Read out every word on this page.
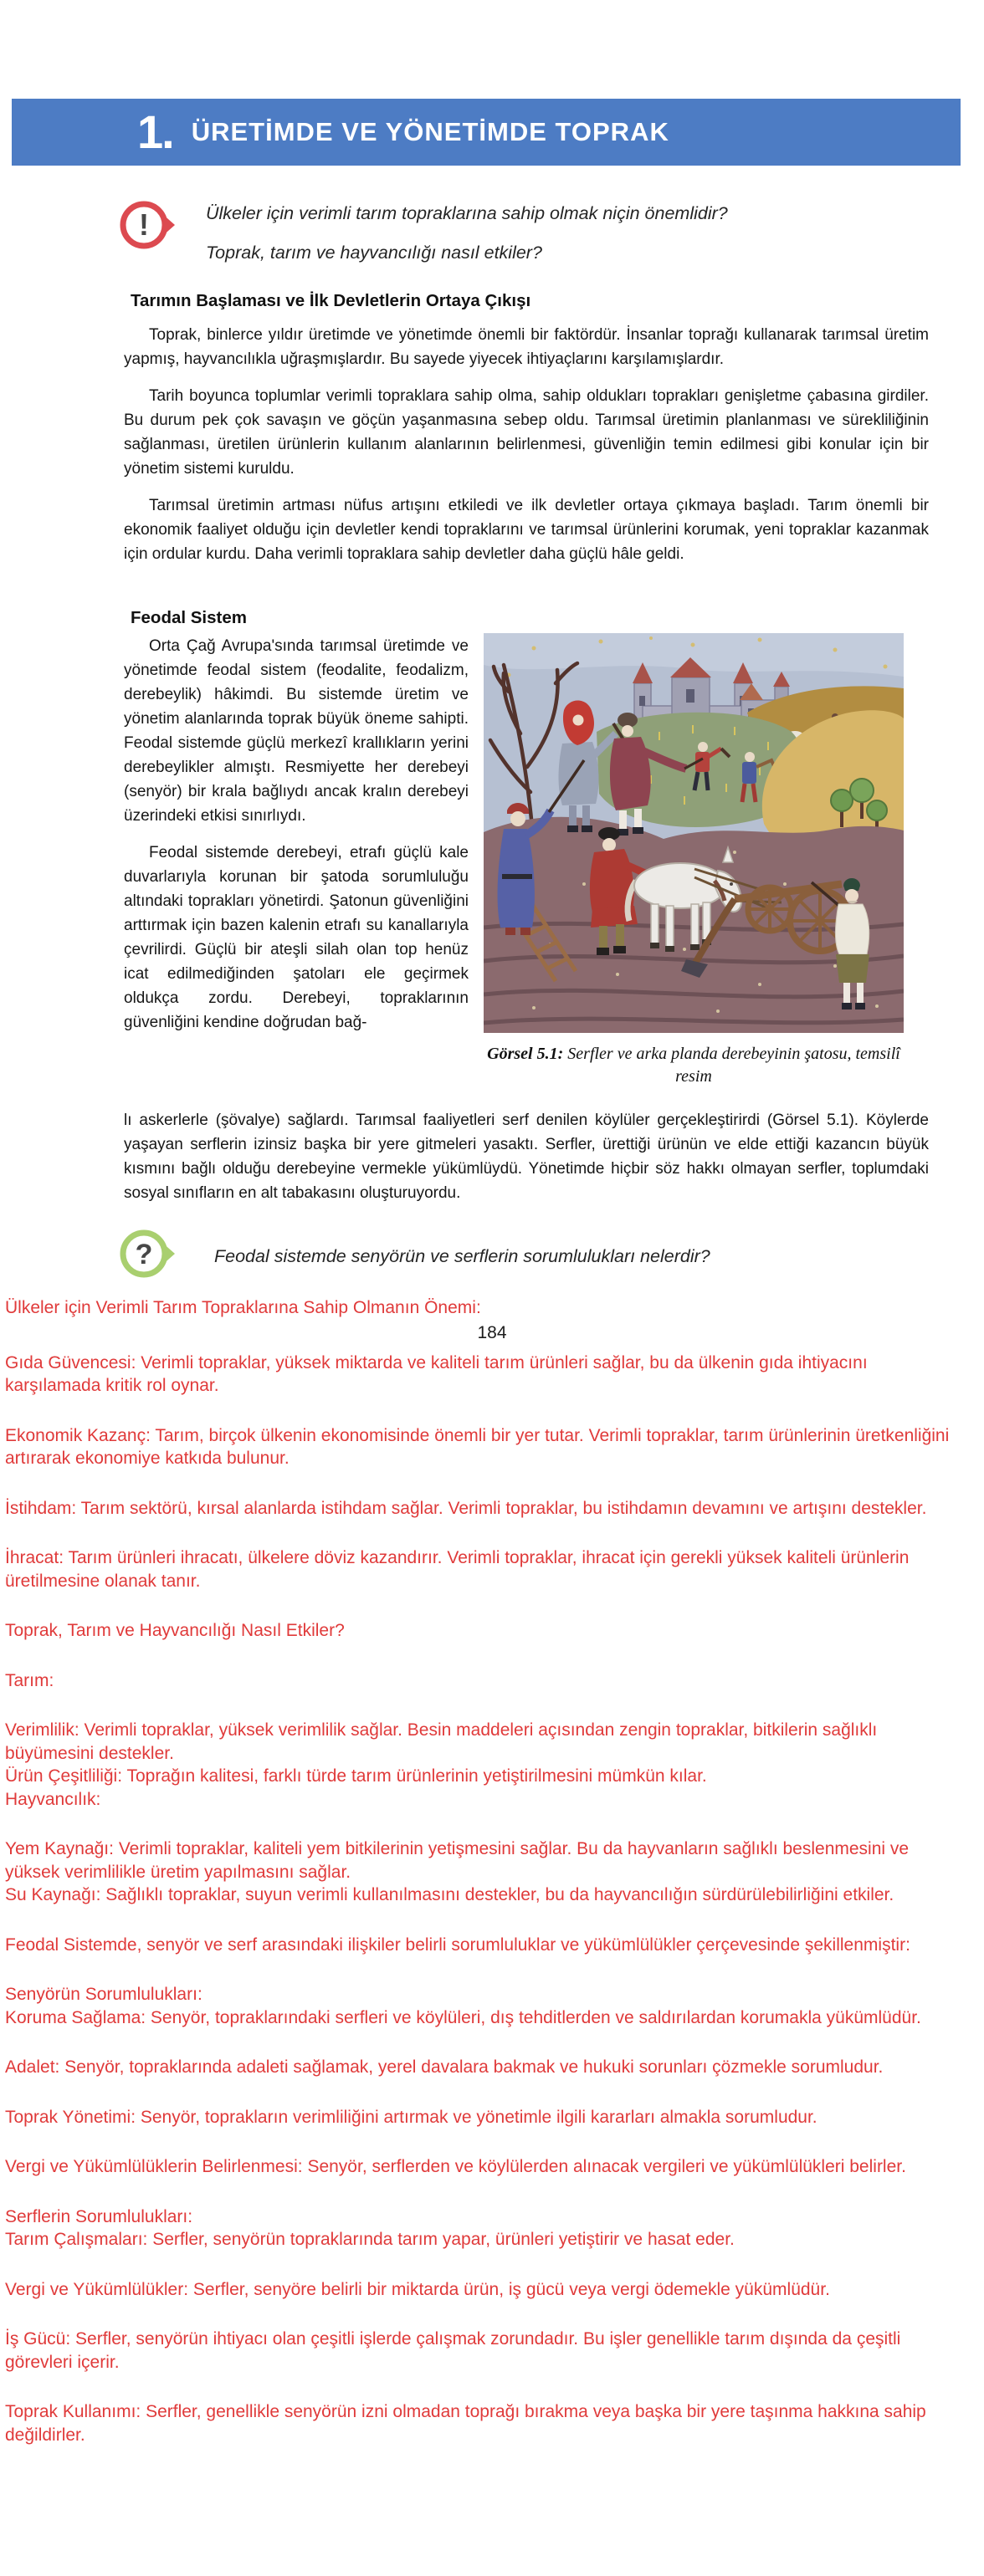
1. ÜRETİMDE VE YÖNETİMDE TOPRAK
!	Ülkeler için verimli tarım topraklarına sahip olmak niçin önemlidir?

Toprak, tarım ve hayvancılığı nasıl etkiler?

Tarımın Başlaması ve İlk Devletlerin Ortaya Çıkışı

Toprak, binlerce yıldır üretimde ve yönetimde önemli bir faktördür. İnsanlar toprağı kullanarak tarımsal üretim yapmış, hayvancılıkla uğraşmışlardır. Bu sayede yiyecek ihtiyaçlarını karşılamışlardır.

Tarih boyunca toplumlar verimli topraklara sahip olma, sahip oldukları toprakları genişletme çabasına girdiler. Bu durum pek çok savaşın ve göçün yaşanmasına sebep oldu. Tarımsal üretimin planlanması ve sürekliliğinin sağlanması, üretilen ürünlerin kullanım alanlarının belirlenmesi, güvenliğin temin edilmesi gibi konular için bir yönetim sistemi kuruldu.

Tarımsal üretimin artması nüfus artışını etkiledi ve ilk devletler ortaya çıkmaya başladı. Tarım önemli bir ekonomik faaliyet olduğu için devletler kendi topraklarını ve tarımsal ürünlerini korumak, yeni topraklar kazanmak için ordular kurdu. Daha verimli topraklara sahip devletler daha güçlü hâle geldi.

Feodal Sistem

Orta Çağ Avrupa'sında tarımsal üretimde ve yönetimde feodal sistem (feodalite, feodalizm, derebeylik) hâkimdi. Bu sistemde üretim ve yönetim alanlarında toprak büyük öneme sahipti. Feodal sistemde güçlü merkezî krallıkların yerini derebeylikler almıştı. Resmiyette her derebeyi (senyör) bir krala bağlıydı ancak kralın derebeyi üzerindeki etkisi sınırlıydı.

Feodal sistemde derebeyi, etrafı güçlü kale duvarlarıyla korunan bir şatoda sorumluluğu altındaki toprakları yönetirdi. Şatonun güvenliğini arttırmak için bazen kalenin etrafı su kanallarıyla çevrilirdi. Güçlü bir ateşli silah olan top henüz icat edilmediğinden şatoları ele geçirmek oldukça zordu. Derebeyi, topraklarının güvenliğini kendine doğrudan bağ-

Görsel 5.1: Serfler ve arka planda derebeyinin şatosu, temsilî resim

lı askerlerle (şövalye) sağlardı. Tarımsal faaliyetleri serf denilen köylüler gerçekleştirirdi (Görsel 5.1). Köylerde yaşayan serflerin izinsiz başka bir yere gitmeleri yasaktı. Serfler, ürettiği ürünün ve elde ettiği kazancın büyük kısmını bağlı olduğu derebeyine vermekle yükümlüydü. Yönetimde hiçbir söz hakkı olmayan serfler, toplumdaki sosyal sınıfların en alt tabakasını oluşturuyordu.

?	Feodal sistemde senyörün ve serflerin sorumlulukları nelerdir?

Ülkeler için Verimli Tarım Topraklarına Sahip Olmanın Önemi:

184

Gıda Güvencesi: Verimli topraklar, yüksek miktarda ve kaliteli tarım ürünleri sağlar, bu da ülkenin gıda ihtiyacını karşılamada kritik rol oynar.

Ekonomik Kazanç: Tarım, birçok ülkenin ekonomisinde önemli bir yer tutar. Verimli topraklar, tarım ürünlerinin üretkenliğini artırarak ekonomiye katkıda bulunur.

İstihdam: Tarım sektörü, kırsal alanlarda istihdam sağlar. Verimli topraklar, bu istihdamın devamını ve artışını destekler.

İhracat: Tarım ürünleri ihracatı, ülkelere döviz kazandırır. Verimli topraklar, ihracat için gerekli yüksek kaliteli ürünlerin üretilmesine olanak tanır.

Toprak, Tarım ve Hayvancılığı Nasıl Etkiler?

Tarım:

Verimlilik: Verimli topraklar, yüksek verimlilik sağlar. Besin maddeleri açısından zengin topraklar, bitkilerin sağlıklı büyümesini destekler.

Ürün Çeşitliliği: Toprağın kalitesi, farklı türde tarım ürünlerinin yetiştirilmesini mümkün kılar.

Hayvancılık:

Yem Kaynağı: Verimli topraklar, kaliteli yem bitkilerinin yetişmesini sağlar. Bu da hayvanların sağlıklı beslenmesini ve yüksek verimlilikle üretim yapılmasını sağlar.

Su Kaynağı: Sağlıklı topraklar, suyun verimli kullanılmasını destekler, bu da hayvancılığın sürdürülebilirliğini etkiler.

Feodal Sistemde, senyör ve serf arasındaki ilişkiler belirli sorumluluklar ve yükümlülükler çerçevesinde şekillenmiştir:

Senyörün Sorumlulukları:

Koruma Sağlama: Senyör, topraklarındaki serfleri ve köylüleri, dış tehditlerden ve saldırılardan korumakla yükümlüdür.

Adalet: Senyör, topraklarında adaleti sağlamak, yerel davalara bakmak ve hukuki sorunları çözmekle sorumludur.

Toprak Yönetimi: Senyör, toprakların verimliliğini artırmak ve yönetimle ilgili kararları almakla sorumludur.

Vergi ve Yükümlülüklerin Belirlenmesi: Senyör, serflerden ve köylülerden alınacak vergileri ve yükümlülükleri belirler.

Serflerin Sorumlulukları:

Tarım Çalışmaları: Serfler, senyörün topraklarında tarım yapar, ürünleri yetiştirir ve hasat eder.

Vergi ve Yükümlülükler: Serfler, senyöre belirli bir miktarda ürün, iş gücü veya vergi ödemekle yükümlüdür.

İş Gücü: Serfler, senyörün ihtiyacı olan çeşitli işlerde çalışmak zorundadır. Bu işler genellikle tarım dışında da çeşitli görevleri içerir.

Toprak Kullanımı: Serfler, genellikle senyörün izni olmadan toprağı bırakma veya başka bir yere taşınma hakkına sahip değildirler.
